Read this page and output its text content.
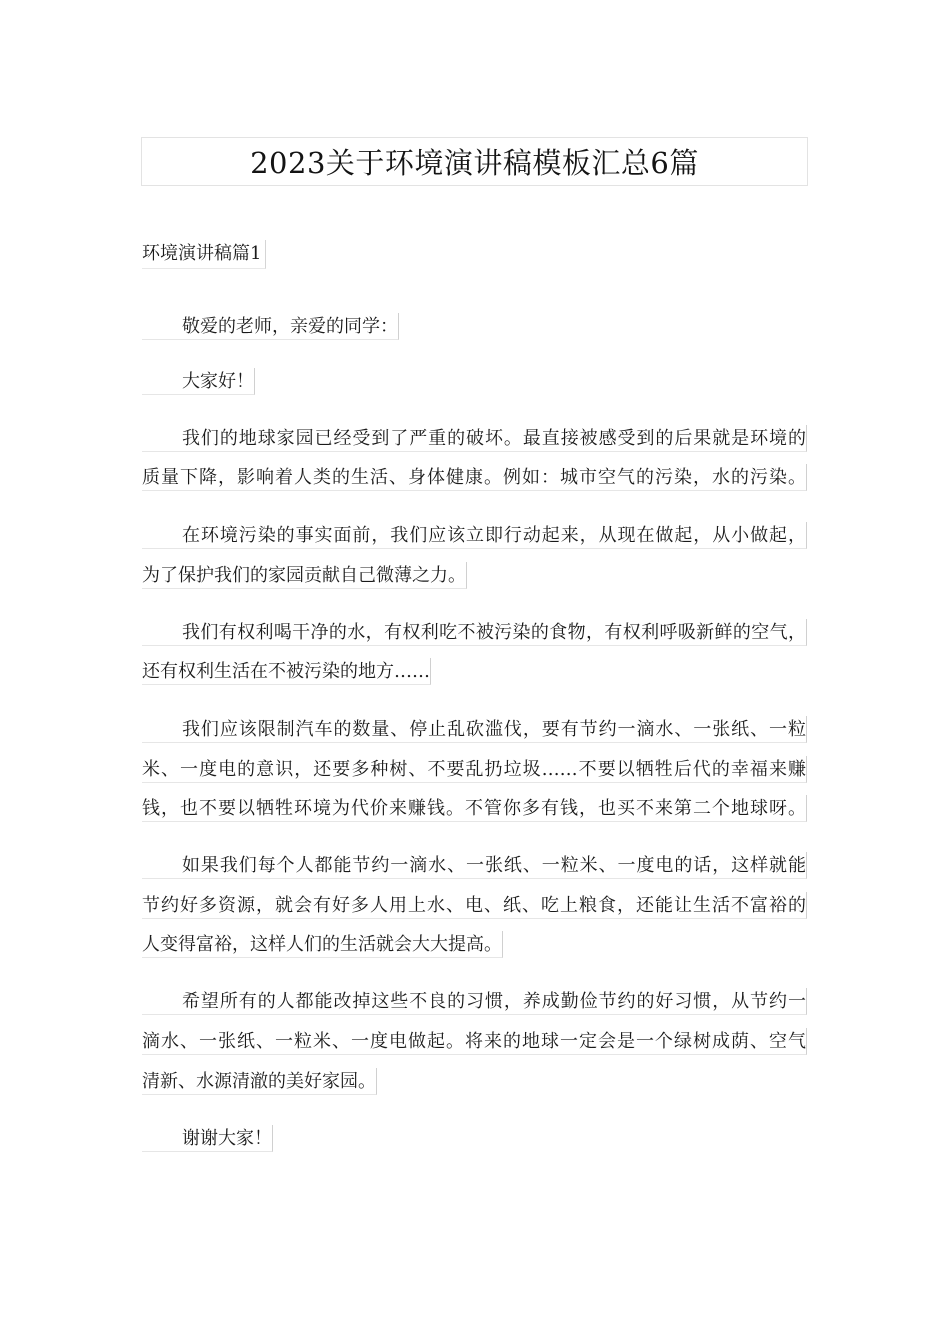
2023关于环境演讲稿模板汇总6篇
环境演讲稿篇1
敬爱的老师，亲爱的同学：
大家好！
我们的地球家园已经受到了严重的破坏。最直接被感受到的后果就是环境的
质量下降，影响着人类的生活、身体健康。例如：城市空气的污染，水的污染。
在环境污染的事实面前，我们应该立即行动起来，从现在做起，从小做起，
为了保护我们的家园贡献自己微薄之力。
我们有权利喝干净的水，有权利吃不被污染的食物，有权利呼吸新鲜的空气，
还有权利生活在不被污染的地方……
我们应该限制汽车的数量、停止乱砍滥伐，要有节约一滴水、一张纸、一粒
米、一度电的意识，还要多种树、不要乱扔垃圾……不要以牺牲后代的幸福来赚
钱，也不要以牺牲环境为代价来赚钱。不管你多有钱，也买不来第二个地球呀。
如果我们每个人都能节约一滴水、一张纸、一粒米、一度电的话，这样就能
节约好多资源，就会有好多人用上水、电、纸、吃上粮食，还能让生活不富裕的
人变得富裕，这样人们的生活就会大大提高。
希望所有的人都能改掉这些不良的习惯，养成勤俭节约的好习惯，从节约一
滴水、一张纸、一粒米、一度电做起。将来的地球一定会是一个绿树成荫、空气
清新、水源清澈的美好家园。
谢谢大家！
